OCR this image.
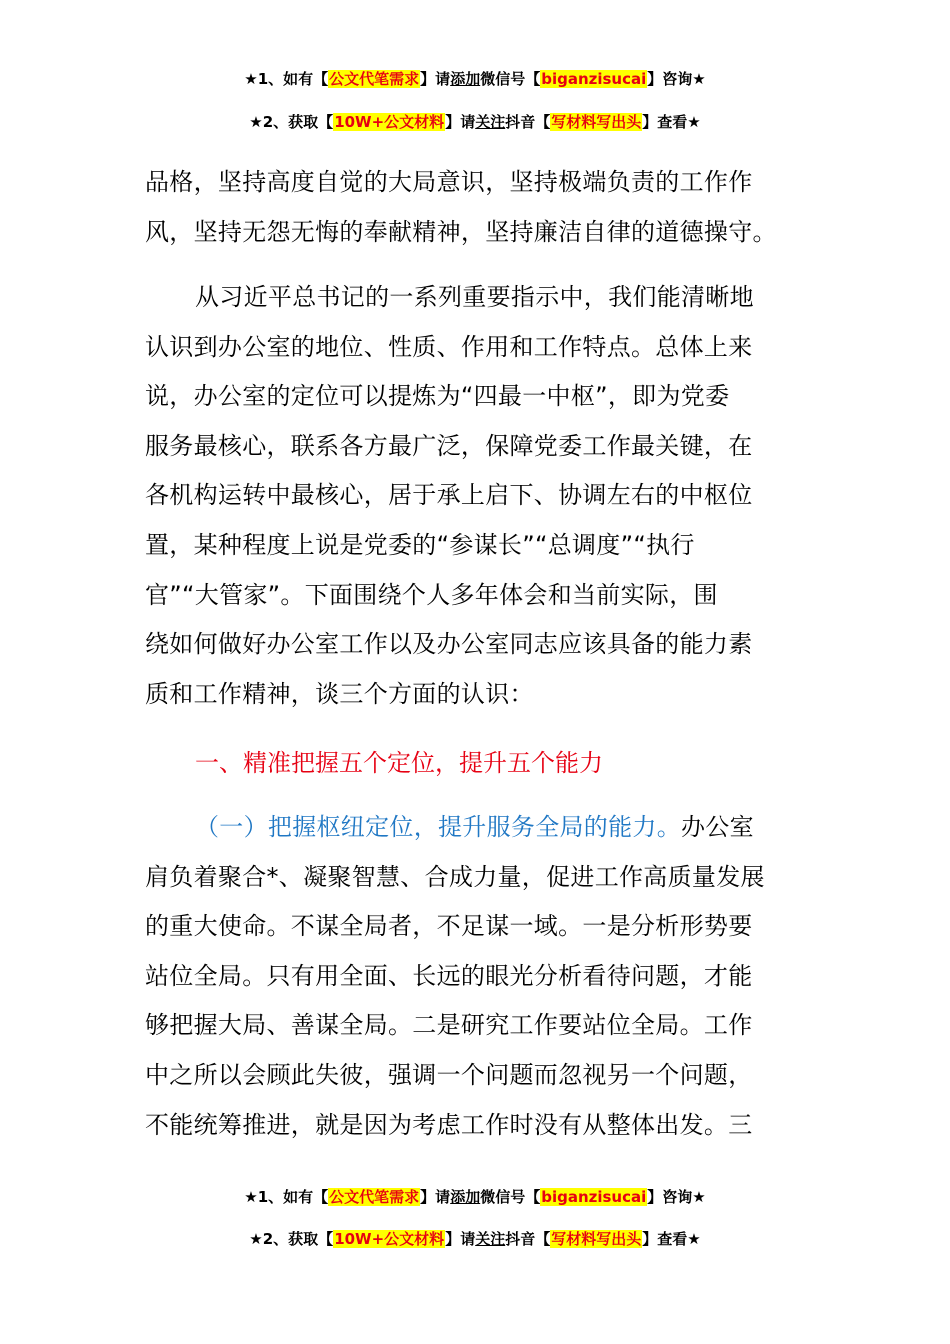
★1、如有【公文代笔需求】请添加微信号【biganzisucai】咨询★
★2、获取【10W+公文材料】请关注抖音【写材料写出头】查看★

品格，坚持高度自觉的大局意识，坚持极端负责的工作作

风，坚持无怨无悔的奉献精神，坚持廉洁自律的道德操守。

从习近平总书记的一系列重要指示中，我们能清晰地

认识到办公室的地位、性质、作用和工作特点。总体上来

说，办公室的定位可以提炼为“四最一中枢”，即为党委

服务最核心，联系各方最广泛，保障党委工作最关键，在

各机构运转中最核心，居于承上启下、协调左右的中枢位

置，某种程度上说是党委的“参谋长”“总调度”“执行

官”“大管家”。下面围绕个人多年体会和当前实际，围

绕如何做好办公室工作以及办公室同志应该具备的能力素

质和工作精神，谈三个方面的认识：

一、精准把握五个定位，提升五个能力

（一）把握枢纽定位，提升服务全局的能力。办公室

肩负着聚合*、凝聚智慧、合成力量，促进工作高质量发展

的重大使命。不谋全局者，不足谋一域。一是分析形势要

站位全局。只有用全面、长远的眼光分析看待问题，才能

够把握大局、善谋全局。二是研究工作要站位全局。工作

中之所以会顾此失彼，强调一个问题而忽视另一个问题，

不能统筹推进，就是因为考虑工作时没有从整体出发。三

★1、如有【公文代笔需求】请添加微信号【biganzisucai】咨询★
★2、获取【10W+公文材料】请关注抖音【写材料写出头】查看★
